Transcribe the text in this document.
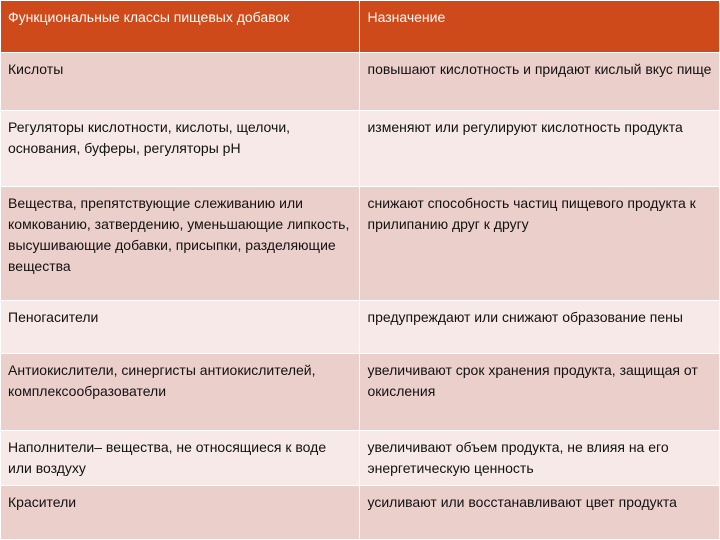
Функциональные классы пищевых добавок	Назначение
Кислоты	повышают кислотность и придают кислый вкус пище
Регуляторы кислотности, кислоты, щелочи, основания, буферы, регуляторы рН	изменяют или регулируют кислотность продукта
Вещества, препятствующие слеживанию или комкованию, затвердению, уменьшающие липкость, высушивающие добавки, присыпки, разделяющие вещества	снижают способность частиц пищевого продукта к прилипанию друг к другу
Пеногасители	предупреждают или снижают образование пены
Антиокислители, синергисты антиокислителей, комплексообразователи	увеличивают срок хранения продукта, защищая от окисления
Наполнители– вещества, не относящиеся к воде или воздуху	увеличивают объем продукта, не влияя на его энергетическую ценность
Красители	усиливают или восстанавливают цвет продукта
